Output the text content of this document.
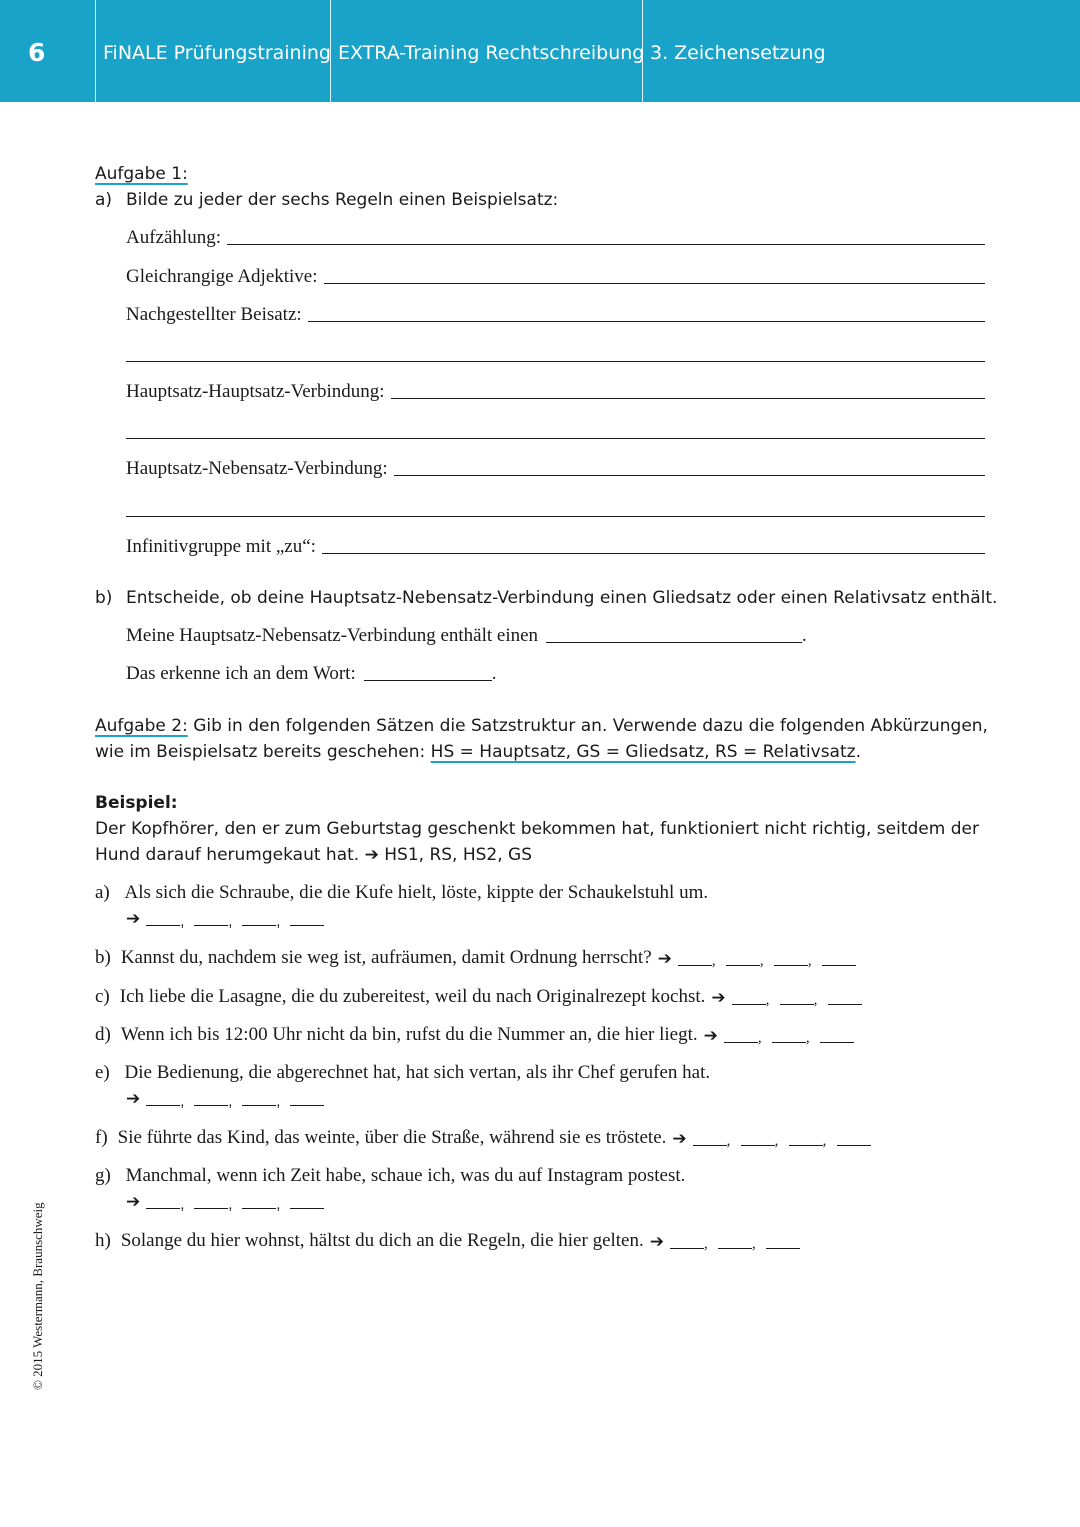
6	FiNALE Prüfungstraining EXTRA-Training Rechtschreibung 3. Zeichensetzung
Aufgabe 1:
a) Bilde zu jeder der sechs Regeln einen Beispielsatz:
Aufzählung:
Gleichrangige Adjektive:
Nachgestellter Beisatz:
Hauptsatz-Hauptsatz-Verbindung:
Hauptsatz-Nebensatz-Verbindung:
Infinitivgruppe mit „zu“:
b) Entscheide, ob deine Hauptsatz-Nebensatz-Verbindung einen Gliedsatz oder einen Relativsatz enthält.
Meine Hauptsatz-Nebensatz-Verbindung enthält einen	.
Das erkenne ich an dem Wort:	.
Aufgabe 2: Gib in den folgenden Sätzen die Satzstruktur an. Verwende dazu die folgenden Abkürzungen,
wie im Beispielsatz bereits geschehen: HS = Hauptsatz, GS = Gliedsatz, RS = Relativsatz.
Beispiel:
Der Kopfhörer, den er zum Geburtstag geschenkt bekommen hat, funktioniert nicht richtig, seitdem der
Hund darauf herumgekaut hat. ➔ HS1, RS, HS2, GS
a) Als sich die Schraube, die die Kufe hielt, löste, kippte der Schaukelstuhl um.
➔	,	,	,
b) Kannst du, nachdem sie weg ist, aufräumen, damit Ordnung herrscht? ➔	,	,	,
c) Ich liebe die Lasagne, die du zubereitest, weil du nach Originalrezept kochst. ➔	,	,
d) Wenn ich bis 12:00 Uhr nicht da bin, rufst du die Nummer an, die hier liegt. ➔	,	,
e) Die Bedienung, die abgerechnet hat, hat sich vertan, als ihr Chef gerufen hat.
➔	,	,	,
f) Sie führte das Kind, das weinte, über die Straße, während sie es tröstete. ➔	,	,	,
g) Manchmal, wenn ich Zeit habe, schaue ich, was du auf Instagram postest.
➔	,	,	,
h) Solange du hier wohnst, hältst du dich an die Regeln, die hier gelten. ➔	,	,
© 2015 Westermann, Braunschweig
